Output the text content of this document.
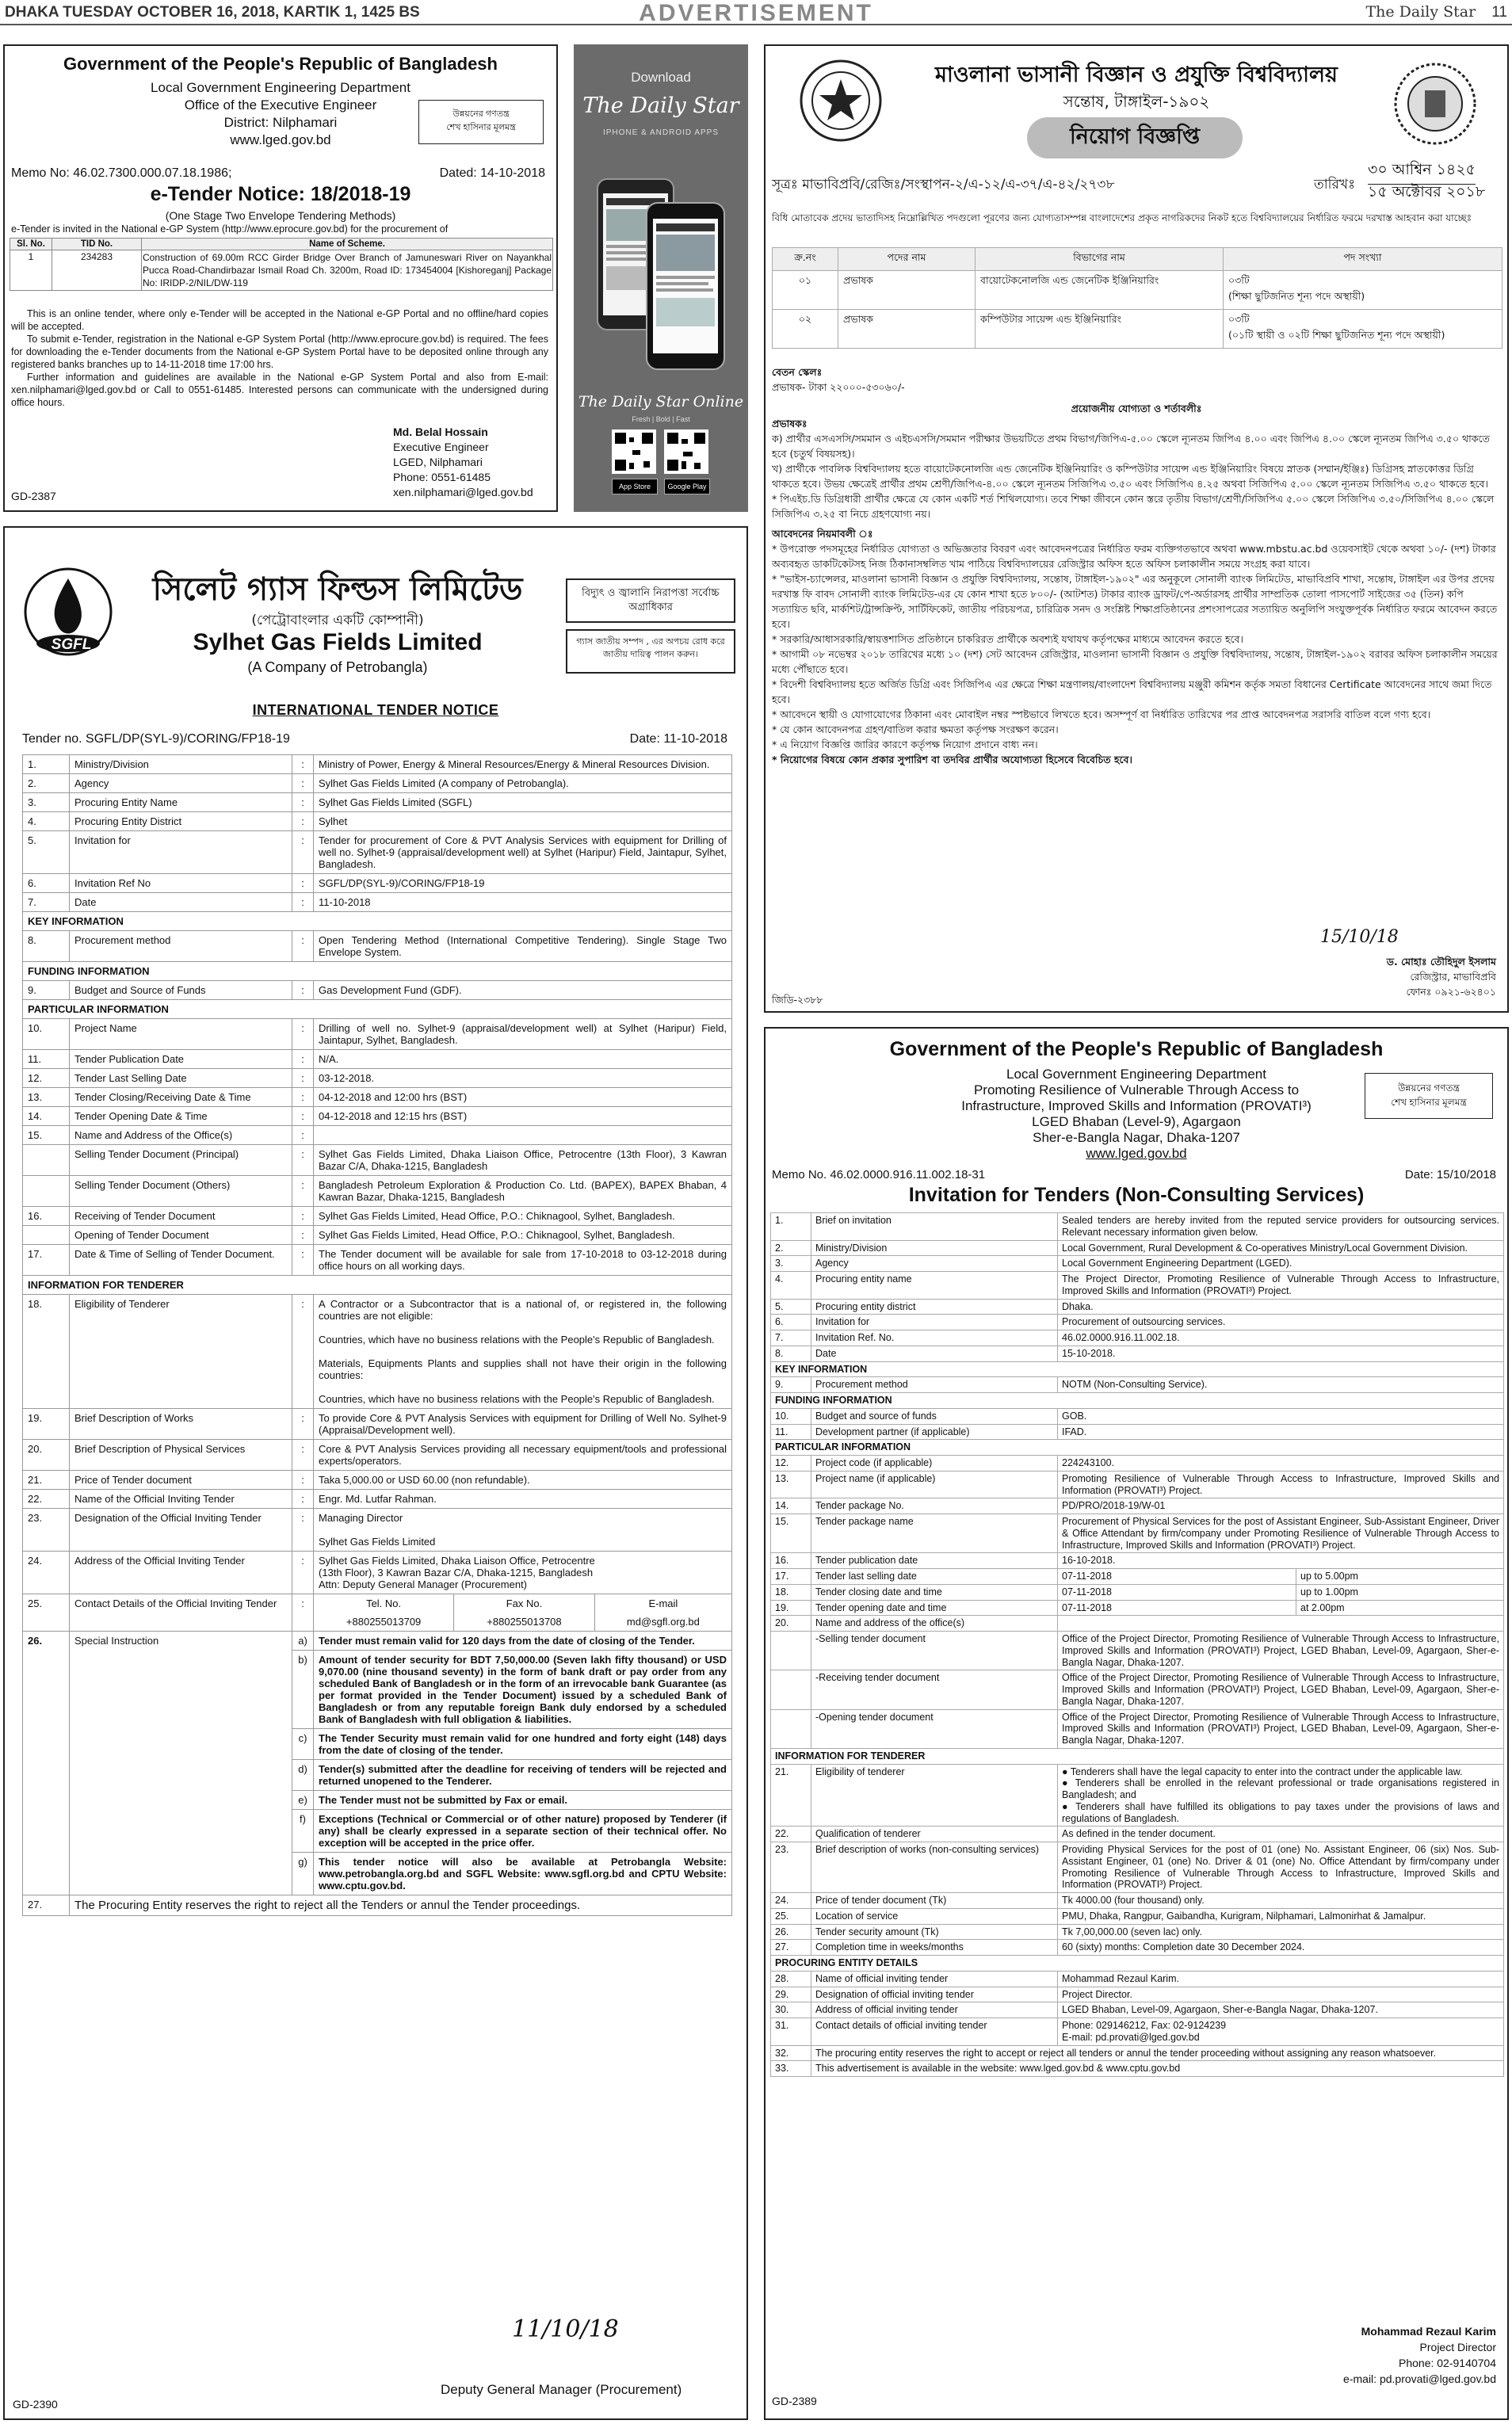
DHAKA TUESDAY OCTOBER 16, 2018, KARTIK 1, 1425 BS	ADVERTISEMENT	The Daily Star 11
Government of the People's Republic of Bangladesh
Local Government Engineering Department
Office of the Executive Engineer
District: Nilphamari
www.lged.gov.bd
উন্নয়নের গণতন্ত্র
শেখ হাসিনার মূলমন্ত্র
Memo No: 46.02.7300.000.07.18.1986;	Dated: 14-10-2018
e-Tender Notice: 18/2018-19
(One Stage Two Envelope Tendering Methods)
e-Tender is invited in the National e-GP System (http://www.eprocure.gov.bd) for the procurement of
Sl. No.	TID No.	Name of Scheme.
1	234283	Construction of 69.00m RCC Girder Bridge Over Branch of Jamuneswari River on Nayankhal Pucca Road-Chandirbazar Ismail Road Ch. 3200m, Road ID: 173454004 [Kishoreganj] Package No: IRIDP-2/NIL/DW-119
This is an online tender, where only e-Tender will be accepted in the National e-GP Portal and no offline/hard copies will be accepted.
To submit e-Tender, registration in the National e-GP System Portal (http://www.eprocure.gov.bd) is required. The fees for downloading the e-Tender documents from the National e-GP System Portal have to be deposited online through any registered banks branches up to 14-11-2018 time 17:00 hrs.
Further information and guidelines are available in the National e-GP System Portal and also from E-mail: xen.nilphamari@lged.gov.bd or Call to 0551-61485. Interested persons can communicate with the undersigned during office hours.
Md. Belal Hossain
Executive Engineer
LGED, Nilphamari
Phone: 0551-61485
xen.nilphamari@lged.gov.bd
GD-2387
Download
The Daily Star
IPHONE & ANDROID APPS
The Daily Star Online
Fresh | Bold | Fast
App Store	Google Play
মাওলানা ভাসানী বিজ্ঞান ও প্রযুক্তি বিশ্ববিদ্যালয়
সন্তোষ, টাঙ্গাইল-১৯০২
নিয়োগ বিজ্ঞপ্তি
সূত্রঃ মাভাবিপ্রবি/রেজিঃ/সংস্থাপন-২/এ-১২/এ-৩৭/এ-৪২/২৭৩৮	তারিখঃ
৩০ আশ্বিন ১৪২৫
১৫ অক্টোবর ২০১৮
বিধি মোতাবেক প্রদেয় ভাতাদিসহ নিম্নোল্লিখিত পদগুলো পূরণের জন্য যোগ্যতাসম্পন্ন বাংলাদেশের প্রকৃত নাগরিকদের নিকট হতে বিশ্ববিদ্যালয়ের নির্ধারিত ফরমে দরখাস্ত আহবান করা যাচ্ছেঃ
ক্র.নং	পদের নাম	বিভাগের নাম	পদ সংখ্যা
০১	প্রভাষক	বায়োটেকনোলজি এন্ড জেনেটিক ইঞ্জিনিয়ারিং	০৩টি
(শিক্ষা ছুটিজনিত শূন্য পদে অস্থায়ী)

০২	প্রভাষক	কম্পিউটার সায়েন্স এন্ড ইঞ্জিনিয়ারিং	০৩টি
(০১টি স্থায়ী ও ০২টি শিক্ষা ছুটিজনিত শূন্য পদে অস্থায়ী)
বেতন স্কেলঃ
প্রভাষক- টাকা ২২০০০-৫৩০৬০/-
প্রয়োজনীয় যোগ্যতা ও শর্তাবলীঃ
প্রভাষকঃ
ক) প্রার্থীর এসএসসি/সমমান ও এইচএসসি/সমমান পরীক্ষার উভয়টিতে প্রথম বিভাগ/জিপিএ-৫.০০ স্কেলে ন্যূনতম জিপিএ ৪.০০ এবং জিপিএ ৪.০০ স্কেলে ন্যূনতম জিপিএ ৩.৫০ থাকতে হবে (চতুর্থ বিষয়সহ)।
খ) প্রার্থীকে পাবলিক বিশ্ববিদ্যালয় হতে বায়োটেকনোলজি এন্ড জেনেটিক ইঞ্জিনিয়ারিং ও কম্পিউটার সায়েন্স এন্ড ইঞ্জিনিয়ারিং বিষয়ে স্নাতক (সম্মান/ইঞ্জিঃ) ডিগ্রিসহ স্নাতকোত্তর ডিগ্রি থাকতে হবে। উভয় ক্ষেত্রেই প্রার্থীর প্রথম শ্রেণী/জিপিএ-৪.০০ স্কেলে ন্যূনতম সিজিপিএ ৩.৫০ এবং সিজিপিএ ৪.২৫ অথবা সিজিপিএ ৫.০০ স্কেলে ন্যূনতম সিজিপিএ ৩.৫০ থাকতে হবে।
* পিএইচ.ডি ডিগ্রিধারী প্রার্থীর ক্ষেত্রে যে কোন একটি শর্ত শিথিলযোগ্য। তবে শিক্ষা জীবনে কোন স্তরে তৃতীয় বিভাগ/শ্রেণী/সিজিপিএ ৫.০০ স্কেলে সিজিপিএ ৩.৫০/সিজিপিএ ৪.০০ স্কেলে সিজিপিএ ৩.২৫ বা নিচে গ্রহণযোগ্য নয়।
আবেদনের নিয়মাবলী ঃ
* উপরোক্ত পদসমূহের নির্ধারিত যোগ্যতা ও অভিজ্ঞতার বিবরণ এবং আবেদনপত্রের নির্ধারিত ফরম ব্যক্তিগতভাবে অথবা www.mbstu.ac.bd ওয়েবসাইট থেকে অথবা ১০/- (দশ) টাকার অব্যবহৃত ডাকটিকেটসহ নিজ ঠিকানাসম্বলিত খাম পাঠিয়ে বিশ্ববিদ্যালয়ের রেজিস্ট্রার অফিস হতে অফিস চলাকালীন সময়ে সংগ্রহ করা যাবে।
* "ভাইস-চ্যান্সেলর, মাওলানা ভাসানী বিজ্ঞান ও প্রযুক্তি বিশ্ববিদ্যালয়, সন্তোষ, টাঙ্গাইল-১৯০২" এর অনুকূলে সোনালী ব্যাংক লিমিটেড, মাভাবিপ্রবি শাখা, সন্তোষ, টাঙ্গাইল এর উপর প্রদেয় দরখাস্ত ফি বাবদ সোনালী ব্যাংক লিমিটেড-এর যে কোন শাখা হতে ৮০০/- (আটশত) টাকার ব্যাংক ড্রাফট/পে-অর্ডারসহ প্রার্থীর সাম্প্রতিক তোলা পাসপোর্ট সাইজের ৩৫ (তিন) কপি সত্যায়িত ছবি, মার্কশিট/ট্রান্সক্রিপ্ট, সার্টিফিকেট, জাতীয় পরিচয়পত্র, চারিত্রিক সনদ ও সংশ্লিষ্ট শিক্ষাপ্রতিষ্ঠানের প্রশংসাপত্রের সত্যায়িত অনুলিপি সংযুক্তপূর্বক নির্ধারিত ফরমে আবেদন করতে হবে।
* সরকারি/আধাসরকারি/স্বায়ত্তশাসিত প্রতিষ্ঠানে চাকরিরত প্রার্থীকে অবশ্যই যথাযথ কর্তৃপক্ষের মাধ্যমে আবেদন করতে হবে।
* আগামী ০৮ নভেম্বর ২০১৮ তারিখের মধ্যে ১০ (দশ) সেট আবেদন রেজিস্ট্রার, মাওলানা ভাসানী বিজ্ঞান ও প্রযুক্তি বিশ্ববিদ্যালয়, সন্তোষ, টাঙ্গাইল-১৯০২ বরাবর অফিস চলাকালীন সময়ের মধ্যে পৌঁছাতে হবে।
* বিদেশী বিশ্ববিদ্যালয় হতে অর্জিত ডিগ্রি এবং সিজিপিএ এর ক্ষেত্রে শিক্ষা মন্ত্রণালয়/বাংলাদেশ বিশ্ববিদ্যালয় মঞ্জুরী কমিশন কর্তৃক সমতা বিধানের Certificate আবেদনের সাথে জমা দিতে হবে।
* আবেদনে স্থায়ী ও যোগাযোগের ঠিকানা এবং মোবাইল নম্বর স্পষ্টভাবে লিখতে হবে। অসম্পূর্ণ বা নির্ধারিত তারিখের পর প্রাপ্ত আবেদনপত্র সরাসরি বাতিল বলে গণ্য হবে।
* যে কোন আবেদনপত্র গ্রহণ/বাতিল করার ক্ষমতা কর্তৃপক্ষ সংরক্ষণ করেন।
* এ নিয়োগ বিজ্ঞপ্তি জারির কারণে কর্তৃপক্ষ নিয়োগ প্রদানে বাধ্য নন।
* নিয়োগের বিষয়ে কোন প্রকার সুপারিশ বা তদবির প্রার্থীর অযোগ্যতা হিসেবে বিবেচিত হবে।
15/10/18
ড. মোহাঃ তৌহিদুল ইসলাম
রেজিস্ট্রার, মাভাবিপ্রবি
ফোনঃ ০৯২১-৬২৪০১
জিডি-২৩৮৮
SGFL
সিলেট গ্যাস ফিল্ডস লিমিটেড
(পেট্রোবাংলার একটি কোম্পানী)
Sylhet Gas Fields Limited
(A Company of Petrobangla)
বিদ্যুৎ ও জ্বালানি নিরাপত্তা সর্বোচ্চ অগ্রাধিকার
গ্যাস জাতীয় সম্পদ , এর অপচয় রোধ করে জাতীয় দায়িত্ব পালন করুন।
INTERNATIONAL TENDER NOTICE
Tender no. SGFL/DP(SYL-9)/CORING/FP18-19	Date: 11-10-2018
1.	Ministry/Division	:	Ministry of Power, Energy & Mineral Resources/Energy & Mineral Resources Division.
2.	Agency	:	Sylhet Gas Fields Limited (A company of Petrobangla).
3.	Procuring Entity Name	:	Sylhet Gas Fields Limited (SGFL)
4.	Procuring Entity District	:	Sylhet
5.	Invitation for	:	Tender for procurement of Core & PVT Analysis Services with equipment for Drilling of well no. Sylhet-9 (appraisal/development well) at Sylhet (Haripur) Field, Jaintapur, Sylhet, Bangladesh.
6.	Invitation Ref No	:	SGFL/DP(SYL-9)/CORING/FP18-19
7.	Date	:	11-10-2018
KEY INFORMATION
8.	Procurement method	:	Open Tendering Method (International Competitive Tendering). Single Stage Two Envelope System.
FUNDING INFORMATION
9.	Budget and Source of Funds	:	Gas Development Fund (GDF).
PARTICULAR INFORMATION
10.	Project Name	:	Drilling of well no. Sylhet-9 (appraisal/development well) at Sylhet (Haripur) Field, Jaintapur, Sylhet, Bangladesh.
11.	Tender Publication Date	:	N/A.
12.	Tender Last Selling Date	:	03-12-2018.
13.	Tender Closing/Receiving Date & Time	:	04-12-2018 and 12:00 hrs (BST)
14.	Tender Opening Date & Time	:	04-12-2018 and 12:15 hrs (BST)
15.	Name and Address of the Office(s)	:	
	Selling Tender Document (Principal)	:	Sylhet Gas Fields Limited, Dhaka Liaison Office, Petrocentre (13th Floor), 3 Kawran Bazar C/A, Dhaka-1215, Bangladesh
	Selling Tender Document (Others)	:	Bangladesh Petroleum Exploration & Production Co. Ltd. (BAPEX), BAPEX Bhaban, 4 Kawran Bazar, Dhaka-1215, Bangladesh
16.	Receiving of Tender Document	:	Sylhet Gas Fields Limited, Head Office, P.O.: Chiknagool, Sylhet, Bangladesh.
	Opening of Tender Document	:	Sylhet Gas Fields Limited, Head Office, P.O.: Chiknagool, Sylhet, Bangladesh.
17.	Date & Time of Selling of Tender Document.	:	The Tender document will be available for sale from 17-10-2018 to 03-12-2018 during office hours on all working days.
INFORMATION FOR TENDERER
18.	Eligibility of Tenderer	:	A Contractor or a Subcontractor that is a national of, or registered in, the following countries are not eligible:

Countries, which have no business relations with the People's Republic of Bangladesh.

Materials, Equipments Plants and supplies shall not have their origin in the following countries:

Countries, which have no business relations with the People's Republic of Bangladesh.
19.	Brief Description of Works	:	To provide Core & PVT Analysis Services with equipment for Drilling of Well No. Sylhet-9 (Appraisal/Development well).
20.	Brief Description of Physical Services	:	Core & PVT Analysis Services providing all necessary equipment/tools and professional experts/operators.
21.	Price of Tender document	:	Taka 5,000.00 or USD 60.00 (non refundable).
22.	Name of the Official Inviting Tender	:	Engr. Md. Lutfar Rahman.
23.	Designation of the Official Inviting Tender	:	Managing Director

Sylhet Gas Fields Limited
24.	Address of the Official Inviting Tender	:	Sylhet Gas Fields Limited, Dhaka Liaison Office, Petrocentre
(13th Floor), 3 Kawran Bazar C/A, Dhaka-1215, Bangladesh
Attn: Deputy General Manager (Procurement)
25.	Contact Details of the Official Inviting Tender	:		Tel. No.	Fax No.	E-mail
+880255013709	+880255013708	md@sgfl.org.bd

26.	Special Instruction	a)	Tender must remain valid for 120 days from the date of closing of the Tender.
b)	Amount of tender security for BDT 7,50,000.00 (Seven lakh fifty thousand) or USD 9,070.00 (nine thousand seventy) in the form of bank draft or pay order from any scheduled Bank of Bangladesh or in the form of an irrevocable bank Guarantee (as per format provided in the Tender Document) issued by a scheduled Bank of Bangladesh or from any reputable foreign Bank duly endorsed by a scheduled Bank of Bangladesh with full obligation & liabilities.
c)	The Tender Security must remain valid for one hundred and forty eight (148) days from the date of closing of the tender.
d)	Tender(s) submitted after the deadline for receiving of tenders will be rejected and returned unopened to the Tenderer.
e)	The Tender must not be submitted by Fax or email.
f)	Exceptions (Technical or Commercial or of other nature) proposed by Tenderer (if any) shall be clearly expressed in a separate section of their technical offer. No exception will be accepted in the price offer.
g)	This tender notice will also be available at Petrobangla Website: www.petrobangla.org.bd and SGFL Website: www.sgfl.org.bd and CPTU Website: www.cptu.gov.bd.
27.	The Procuring Entity reserves the right to reject all the Tenders or annul the Tender proceedings.
11/10/18
Deputy General Manager (Procurement)
GD-2390
Government of the People's Republic of Bangladesh
Local Government Engineering Department
Promoting Resilience of Vulnerable Through Access to
Infrastructure, Improved Skills and Information (PROVATI³)
LGED Bhaban (Level-9), Agargaon
Sher-e-Bangla Nagar, Dhaka-1207
www.lged.gov.bd
উন্নয়নের গণতন্ত্র
শেখ হাসিনার মূলমন্ত্র
Memo No. 46.02.0000.916.11.002.18-31	Date: 15/10/2018
Invitation for Tenders (Non-Consulting Services)
1.	Brief on invitation	Sealed tenders are hereby invited from the reputed service providers for outsourcing services. Relevant necessary information given below.	
2.	Ministry/Division	Local Government, Rural Development & Co-operatives Ministry/Local Government Division.	
3.	Agency	Local Government Engineering Department (LGED).	
4.	Procuring entity name	The Project Director, Promoting Resilience of Vulnerable Through Access to Infrastructure, Improved Skills and Information (PROVATI³) Project.	
5.	Procuring entity district	Dhaka.	
6.	Invitation for	Procurement of outsourcing services.	
7.	Invitation Ref. No.	46.02.0000.916.11.002.18.	
8.	Date	15-10-2018.	
KEY INFORMATION			
9.	Procurement method	NOTM (Non-Consulting Service).	
FUNDING INFORMATION			
10.	Budget and source of funds	GOB.	
11.	Development partner (if applicable)	IFAD.	
PARTICULAR INFORMATION			
12.	Project code (if applicable)	224243100.	
13.	Project name (if applicable)	Promoting Resilience of Vulnerable Through Access to Infrastructure, Improved Skills and Information (PROVATI³) Project.	
14.	Tender package No.	PD/PRO/2018-19/W-01	
15.	Tender package name	Procurement of Physical Services for the post of Assistant Engineer, Sub-Assistant Engineer, Driver & Office Attendant by firm/company under Promoting Resilience of Vulnerable Through Access to Infrastructure, Improved Skills and Information (PROVATI³) Project.	
16.	Tender publication date	16-10-2018.	
17.	Tender last selling date	07-11-2018	up to 5.00pm
18.	Tender closing date and time	07-11-2018	up to 1.00pm
19.	Tender opening date and time	07-11-2018	at 2.00pm
20.	Name and address of the office(s)		
	-Selling tender document	Office of the Project Director, Promoting Resilience of Vulnerable Through Access to Infrastructure, Improved Skills and Information (PROVATI³) Project, LGED Bhaban, Level-09, Agargaon, Sher-e-Bangla Nagar, Dhaka-1207.	
	-Receiving tender document	Office of the Project Director, Promoting Resilience of Vulnerable Through Access to Infrastructure, Improved Skills and Information (PROVATI³) Project, LGED Bhaban, Level-09, Agargaon, Sher-e-Bangla Nagar, Dhaka-1207.	
	-Opening tender document	Office of the Project Director, Promoting Resilience of Vulnerable Through Access to Infrastructure, Improved Skills and Information (PROVATI³) Project, LGED Bhaban, Level-09, Agargaon, Sher-e-Bangla Nagar, Dhaka-1207.	
INFORMATION FOR TENDERER			
21.	Eligibility of tenderer	● Tenderers shall have the legal capacity to enter into the contract under the applicable law.
● Tenderers shall be enrolled in the relevant professional or trade organisations registered in Bangladesh; and
● Tenderers shall have fulfilled its obligations to pay taxes under the provisions of laws and regulations of Bangladesh.	
22.	Qualification of tenderer	As defined in the tender document.	
23.	Brief description of works (non-consulting services)	Providing Physical Services for the post of 01 (one) No. Assistant Engineer, 06 (six) Nos. Sub-Assistant Engineer, 01 (one) No. Driver & 01 (one) No. Office Attendant by firm/company under Promoting Resilience of Vulnerable Through Access to Infrastructure, Improved Skills and Information (PROVATI³) Project.	
24.	Price of tender document (Tk)	Tk 4000.00 (four thousand) only.	
25.	Location of service	PMU, Dhaka, Rangpur, Gaibandha, Kurigram, Nilphamari, Lalmonirhat & Jamalpur.	
26.	Tender security amount (Tk)	Tk 7,00,000.00 (seven lac) only.	
27.	Completion time in weeks/months	60 (sixty) months: Completion date 30 December 2024.	
PROCURING ENTITY DETAILS			
28.	Name of official inviting tender	Mohammad Rezaul Karim.	
29.	Designation of official inviting tender	Project Director.	
30.	Address of official inviting tender	LGED Bhaban, Level-09, Agargaon, Sher-e-Bangla Nagar, Dhaka-1207.	
31.	Contact details of official inviting tender	Phone: 029146212, Fax: 02-9124239
E-mail: pd.provati@lged.gov.bd	
32.	The procuring entity reserves the right to accept or reject all tenders or annul the tender proceeding without assigning any reason whatsoever.		
33.	This advertisement is available in the website: www.lged.gov.bd & www.cptu.gov.bd		
Mohammad Rezaul Karim
Project Director
Phone: 02-9140704
e-mail: pd.provati@lged.gov.bd
GD-2389
